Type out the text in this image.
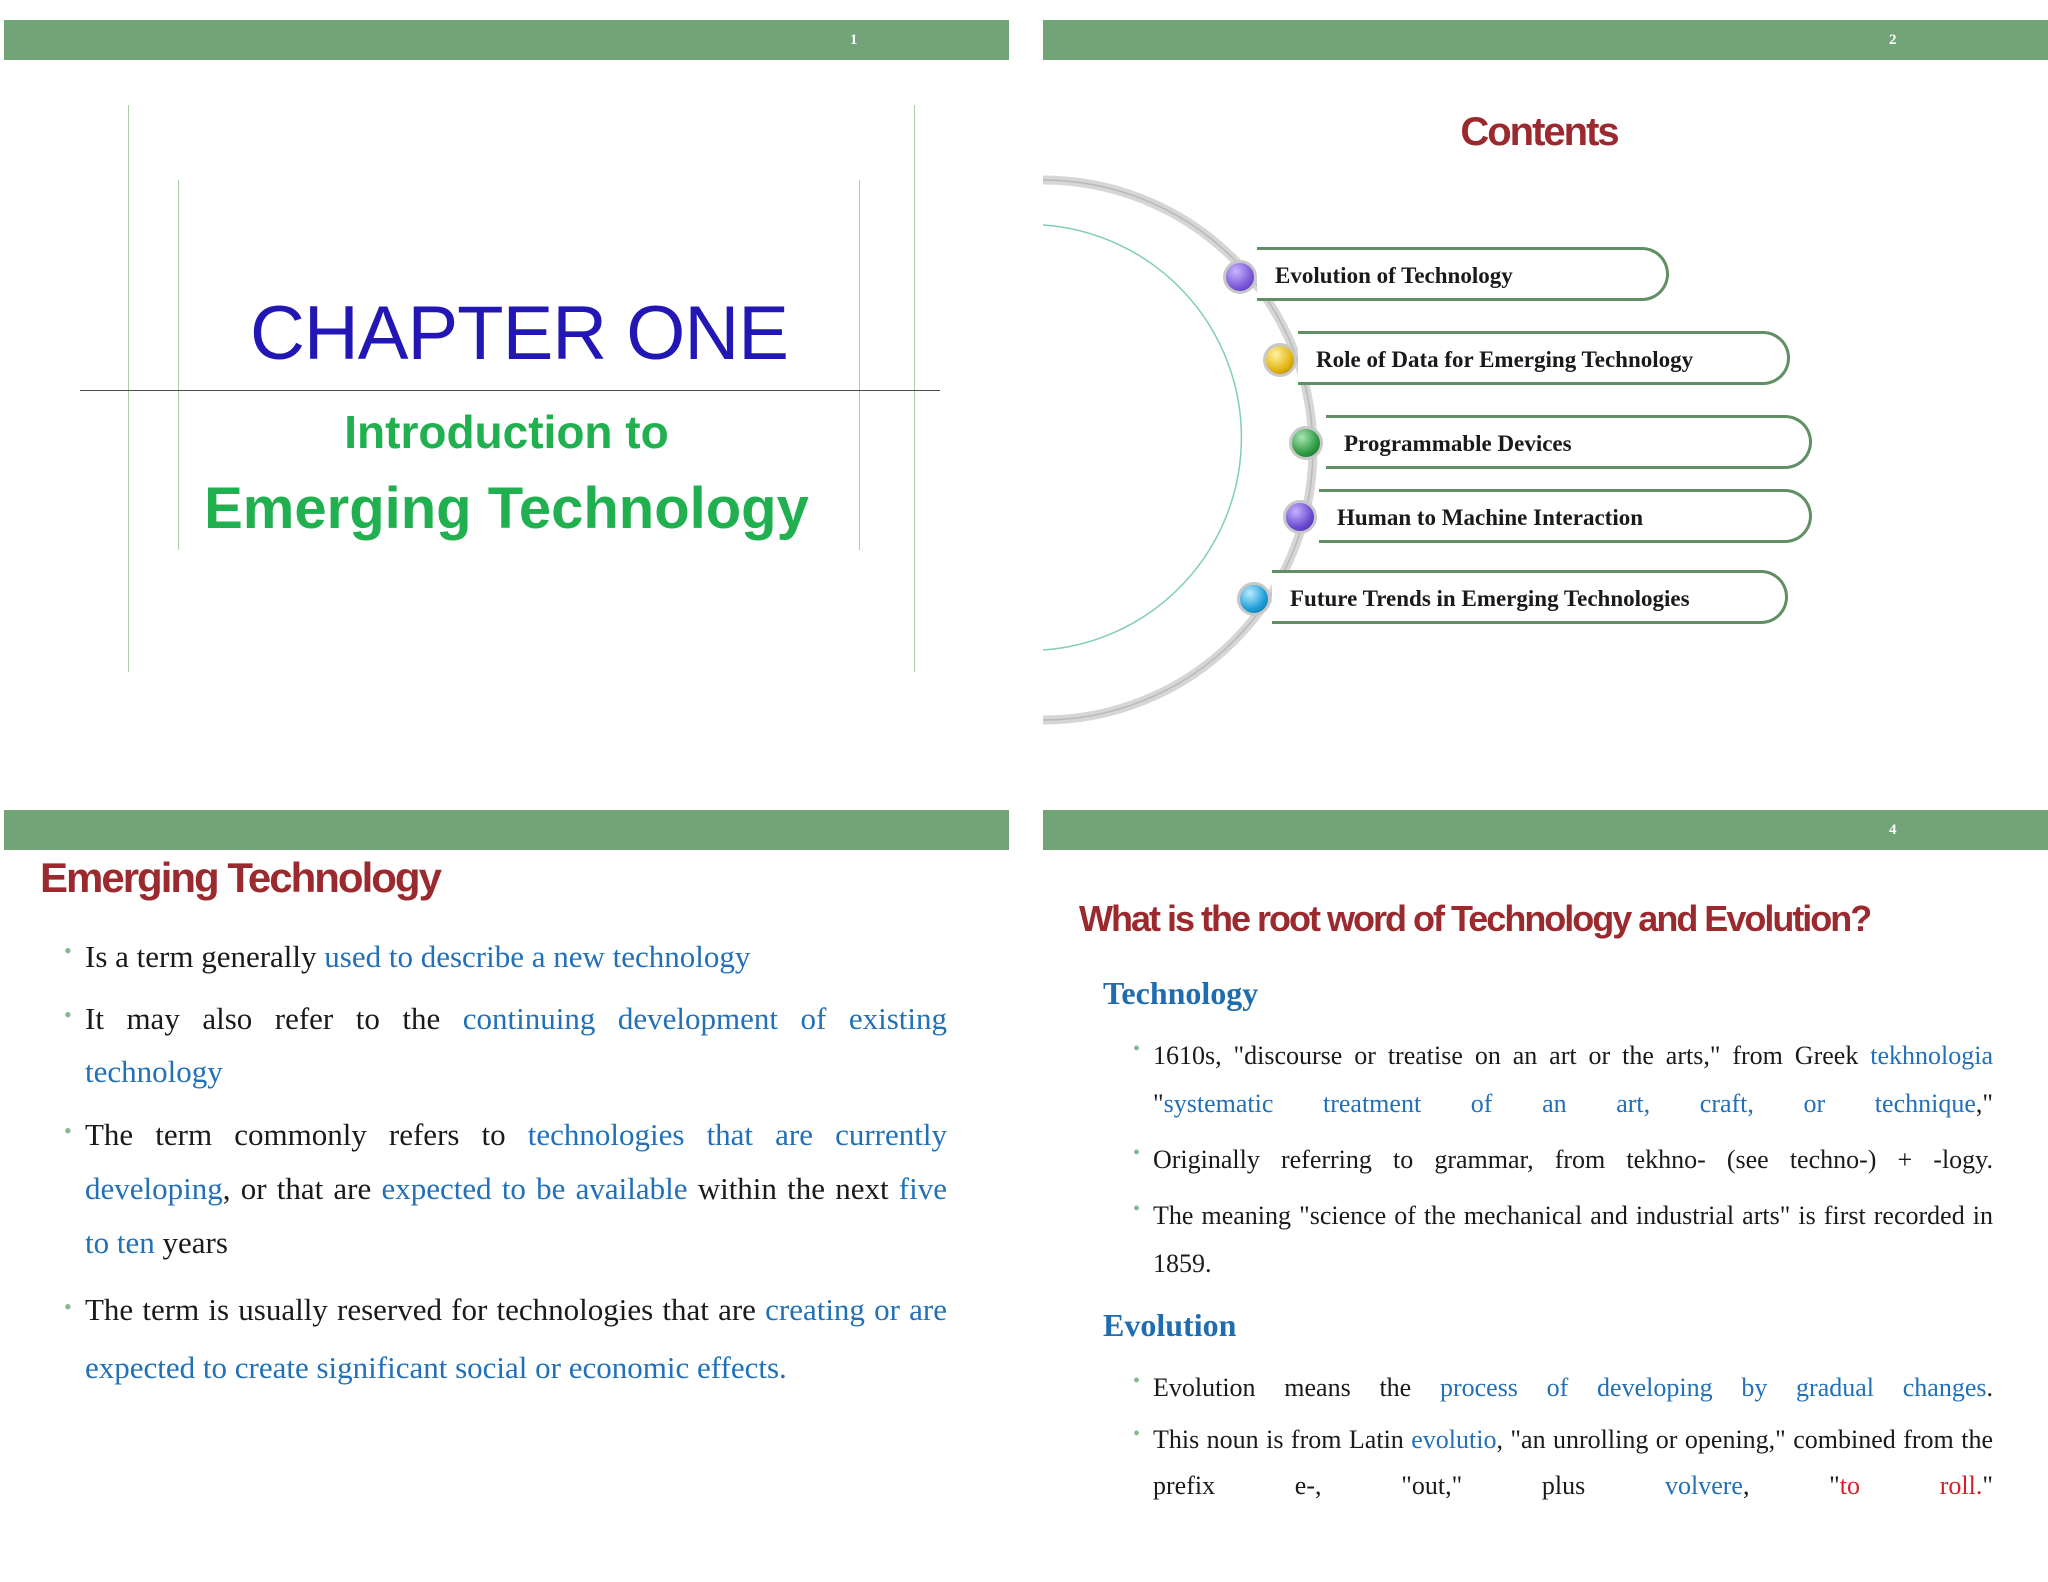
1
CHAPTER ONE
Introduction to
Emerging Technology
2
Contents
Evolution of Technology
Role of Data for Emerging Technology
Programmable Devices
Human to Machine Interaction
Future Trends in Emerging Technologies
Emerging Technology
• Is a term generally used to describe a new technology
• It may also refer to the continuing development of existing technology
• The term commonly refers to technologies that are currently developing, or that are expected to be available within the next five to ten years
• The term is usually reserved for technologies that are creating or are expected to create significant social or economic effects.
4
What is the root word of Technology and Evolution?
Technology
• 1610s, "discourse or treatise on an art or the arts," from Greek tekhnologia "systematic treatment of an art, craft, or technique,"
• Originally referring to grammar, from tekhno- (see techno-) + -logy.
• The meaning "science of the mechanical and industrial arts" is first recorded in 1859.
Evolution
• Evolution means the process of developing by gradual changes.
• This noun is from Latin evolutio, "an unrolling or opening," combined from the prefix e-, "out," plus volvere, "to roll."
